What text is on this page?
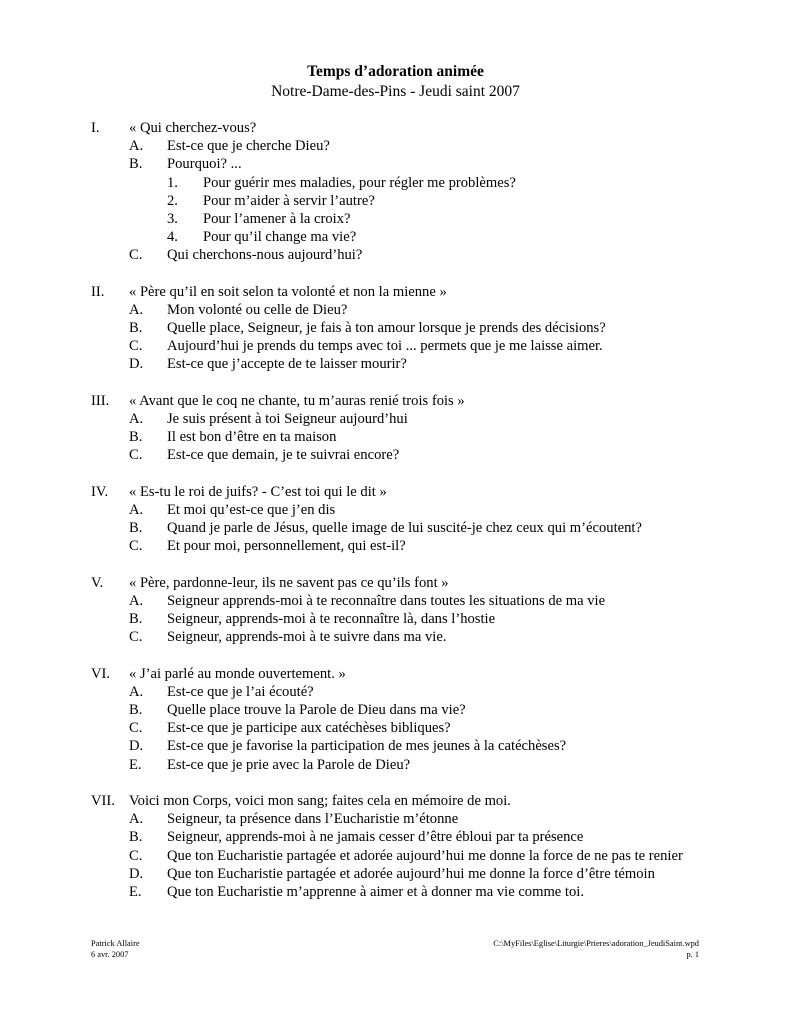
Temps d’adoration animée
Notre-Dame-des-Pins - Jeudi saint 2007
I. « Qui cherchez-vous?
A. Est-ce que je cherche Dieu?
B. Pourquoi? ...
1. Pour guérir mes maladies, pour régler me problèmes?
2. Pour m’aider à servir l’autre?
3. Pour l’amener à la croix?
4. Pour qu’il change ma vie?
C. Qui cherchons-nous aujourd’hui?
II. « Père qu’il en soit selon ta volonté et non la mienne »
A. Mon volonté ou celle de Dieu?
B. Quelle place, Seigneur, je fais à ton amour lorsque je prends des décisions?
C. Aujourd’hui je prends du temps avec toi ... permets que je me laisse aimer.
D. Est-ce que j’accepte de te laisser mourir?
III. « Avant que le coq ne chante, tu m’auras renié trois fois »
A. Je suis présent à toi Seigneur aujourd’hui
B. Il est bon d’être en ta maison
C. Est-ce que demain, je te suivrai encore?
IV. « Es-tu le roi de juifs? - C’est toi qui le dit »
A. Et moi qu’est-ce que j’en dis
B. Quand je parle de Jésus, quelle image de lui suscité-je chez ceux qui m’écoutent?
C. Et pour moi, personnellement, qui est-il?
V. « Père, pardonne-leur, ils ne savent pas ce qu’ils font »
A. Seigneur apprends-moi à te reconnaître dans toutes les situations de ma vie
B. Seigneur, apprends-moi à te reconnaître là, dans l’hostie
C. Seigneur, apprends-moi à te suivre dans ma vie.
VI. « J’ai parlé au monde ouvertement. »
A. Est-ce que je l’ai écouté?
B. Quelle place trouve la Parole de Dieu dans ma vie?
C. Est-ce que je participe aux catéchèses bibliques?
D. Est-ce que je favorise la participation de mes jeunes à la catéchèses?
E. Est-ce que je prie avec la Parole de Dieu?
VII. Voici mon Corps, voici mon sang; faites cela en mémoire de moi.
A. Seigneur, ta présence dans l’Eucharistie m’étonne
B. Seigneur, apprends-moi à ne jamais cesser d’être ébloui par ta présence
C. Que ton Eucharistie partagée et adorée aujourd’hui me donne la force de ne pas te renier
D. Que ton Eucharistie partagée et adorée aujourd’hui me donne la force d’être témoin
E. Que ton Eucharistie m’apprenne à aimer et à donner ma vie comme toi.
Patrick Allaire
6 avr. 2007
C:\MyFiles\Eglise\Liturgie\Prieres\adoration_JeudiSaint.wpd
p. 1
